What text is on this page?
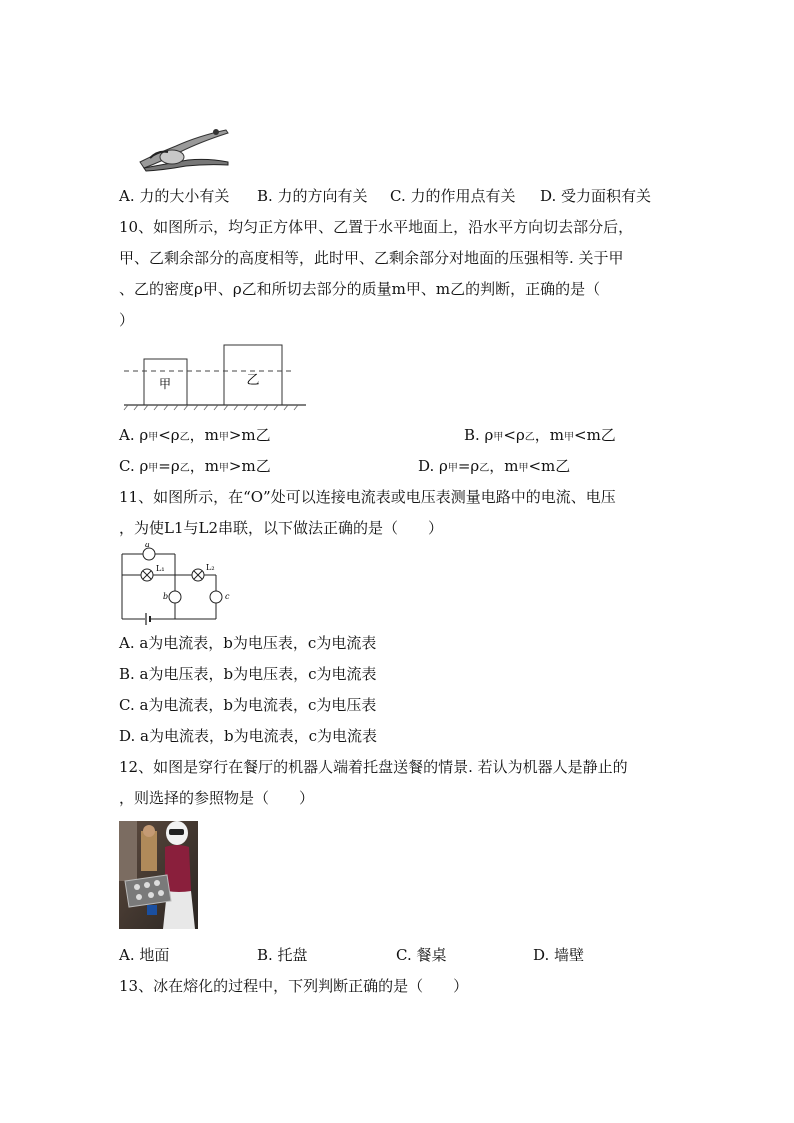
A. 力的大小有关 B. 力的方向有关 C. 力的作用点有关 D. 受力面积有关
10、如图所示，均匀正方体甲、乙置于水平地面上，沿水平方向切去部分后，
甲、乙剩余部分的高度相等，此时甲、乙剩余部分对地面的压强相等. 关于甲
、乙的密度ρ甲、ρ乙和所切去部分的质量m甲、m乙的判断，正确的是（
）
甲	乙
A. ρ甲<ρ乙，m甲>m乙	B. ρ甲<ρ乙，m甲<m乙
C. ρ甲=ρ乙，m甲>m乙	D. ρ甲=ρ乙，m甲<m乙
11、如图所示，在“O”处可以连接电流表或电压表测量电路中的电流、电压
，为使L1与L2串联，以下做法正确的是（　　）
a
L₁	L₂
b	c
A. a为电流表，b为电压表，c为电流表
B. a为电压表，b为电压表，c为电流表
C. a为电流表，b为电流表，c为电压表
D. a为电流表，b为电流表，c为电流表
12、如图是穿行在餐厅的机器人端着托盘送餐的情景. 若认为机器人是静止的
，则选择的参照物是（　　）
A. 地面	B. 托盘	C. 餐桌	D. 墙壁
13、冰在熔化的过程中，下列判断正确的是（　　）
